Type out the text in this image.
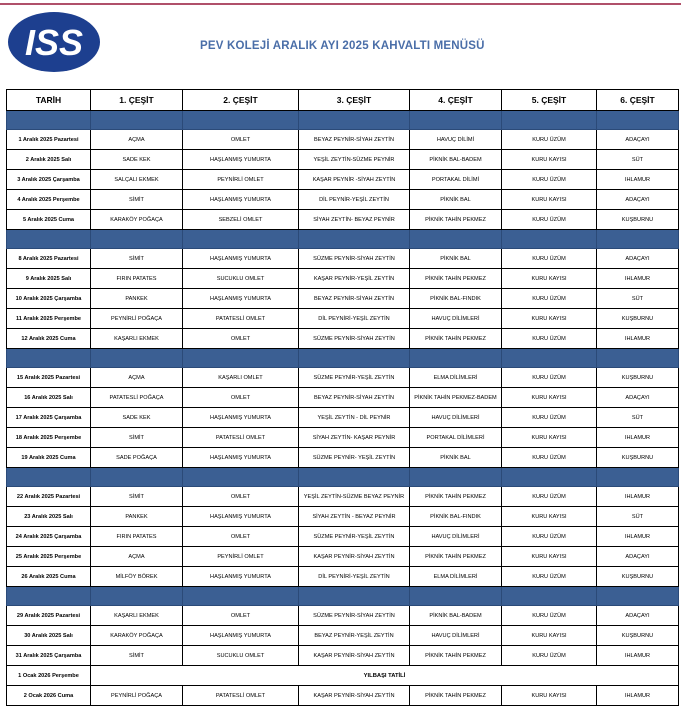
ISS	PEV KOLEJİ ARALIK AYI 2025 KAHVALTI MENÜSÜ
TARİH	1. ÇEŞİT	2. ÇEŞİT	3. ÇEŞİT	4. ÇEŞİT	5. ÇEŞİT	6. ÇEŞİT

1 Aralık 2025 Pazartesi	AÇMA	OMLET	BEYAZ PEYNİR-SİYAH ZEYTİN	HAVUÇ DİLİMİ	KURU ÜZÜM	ADAÇAYI
2 Aralık 2025 Salı	SADE KEK	HAŞLANMIŞ YUMURTA	YEŞİL ZEYTİN-SÜZME PEYNİR	PİKNİK BAL-BADEM	KURU KAYISI	SÜT
3 Aralık 2025 Çarşamba	SALÇALI EKMEK	PEYNİRLİ OMLET	KAŞAR PEYNİR -SİYAH ZEYTİN	PORTAKAL DİLİMİ	KURU ÜZÜM	IHLAMUR
4 Aralık 2025 Perşembe	SİMİT	HAŞLANMIŞ YUMURTA	DİL PEYNİR-YEŞİL ZEYTİN	PİKNİK BAL	KURU KAYISI	ADAÇAYI
5 Aralık 2025 Cuma	KARAKÖY POĞAÇA	SEBZELİ OMLET	SİYAH ZEYTİN- BEYAZ PEYNİR	PİKNİK TAHİN PEKMEZ	KURU ÜZÜM	KUŞBURNU

8 Aralık 2025 Pazartesi	SİMİT	HAŞLANMIŞ YUMURTA	SÜZME PEYNİR-SİYAH ZEYTİN	PİKNİK BAL	KURU ÜZÜM	ADAÇAYI
9 Aralık 2025 Salı	FIRIN PATATES	SUCUKLU OMLET	KAŞAR PEYNİR-YEŞİL ZEYTİN	PİKNİK TAHİN PEKMEZ	KURU KAYISI	IHLAMUR
10 Aralık 2025 Çarşamba	PANKEK	HAŞLANMIŞ YUMURTA	BEYAZ PEYNİR-SİYAH ZEYTİN	PİKNİK BAL-FINDIK	KURU ÜZÜM	SÜT
11 Aralık 2025 Perşembe	PEYNİRLİ POĞAÇA	PATATESLİ OMLET	DİL PEYNİRİ-YEŞİL ZEYTİN	HAVUÇ DİLİMLERİ	KURU KAYISI	KUŞBURNU
12 Aralık 2025 Cuma	KAŞARLI EKMEK	OMLET	SÜZME PEYNİR-SİYAH ZEYTİN	PİKNİK TAHİN PEKMEZ	KURU ÜZÜM	IHLAMUR

15 Aralık 2025 Pazartesi	AÇMA	KAŞARLI OMLET	SÜZME PEYNİR-YEŞİL ZEYTİN	ELMA DİLİMLERİ	KURU ÜZÜM	KUŞBURNU
16 Aralık 2025 Salı	PATATESLİ POĞAÇA	OMLET	BEYAZ PEYNİR-SİYAH ZEYTİN	PİKNİK TAHİN PEKMEZ-BADEM	KURU KAYISI	ADAÇAYI
17 Aralık 2025 Çarşamba	SADE KEK	HAŞLANMIŞ YUMURTA	YEŞİL ZEYTİN - DİL PEYNİR	HAVUÇ DİLİMLERİ	KURU ÜZÜM	SÜT
18 Aralık 2025 Perşembe	SİMİT	PATATESLİ OMLET	SİYAH ZEYTİN- KAŞAR PEYNİR	PORTAKAL DİLİMLERİ	KURU KAYISI	IHLAMUR
19 Aralık 2025 Cuma	SADE POĞAÇA	HAŞLANMIŞ YUMURTA	SÜZME PEYNİR- YEŞİL ZEYTİN	PİKNİK BAL	KURU ÜZÜM	KUŞBURNU

22 Aralık 2025 Pazartesi	SİMİT	OMLET	YEŞİL ZEYTİN-SÜZME BEYAZ PEYNİR	PİKNİK TAHİN PEKMEZ	KURU ÜZÜM	IHLAMUR
23 Aralık 2025 Salı	PANKEK	HAŞLANMIŞ YUMURTA	SİYAH ZEYTİN - BEYAZ PEYNİR	PİKNİK BAL-FINDIK	KURU KAYISI	SÜT
24 Aralık 2025 Çarşamba	FIRIN PATATES	OMLET	SÜZME PEYNİR-YEŞİL ZEYTİN	HAVUÇ DİLİMLERİ	KURU ÜZÜM	IHLAMUR
25 Aralık 2025 Perşembe	AÇMA	PEYNİRLİ OMLET	KAŞAR PEYNİR-SİYAH ZEYTİN	PİKNİK TAHİN PEKMEZ	KURU KAYISI	ADAÇAYI
26 Aralık 2025 Cuma	MİLFÖY BÖREK	HAŞLANMIŞ YUMURTA	DİL PEYNİRİ-YEŞİL ZEYTİN	ELMA DİLİMLERİ	KURU ÜZÜM	KUŞBURNU

29 Aralık 2025 Pazartesi	KAŞARLI EKMEK	OMLET	SÜZME PEYNİR-SİYAH ZEYTİN	PİKNİK BAL-BADEM	KURU ÜZÜM	ADAÇAYI
30 Aralık 2025 Salı	KARAKÖY POĞAÇA	HAŞLANMIŞ YUMURTA	BEYAZ PEYNİR-YEŞİL ZEYTİN	HAVUÇ DİLİMLERİ	KURU KAYISI	KUŞBURNU
31 Aralık 2025 Çarşamba	SİMİT	SUCUKLU OMLET	KAŞAR PEYNİR-SİYAH ZEYTİN	PİKNİK TAHİN PEKMEZ	KURU ÜZÜM	IHLAMUR
1 Ocak 2026 Perşembe	YILBAŞI TATİLİ					
2 Ocak 2026 Cuma	PEYNİRLİ POĞAÇA	PATATESLİ OMLET	KAŞAR PEYNİR-SİYAH ZEYTİN	PİKNİK TAHİN PEKMEZ	KURU KAYISI	IHLAMUR
